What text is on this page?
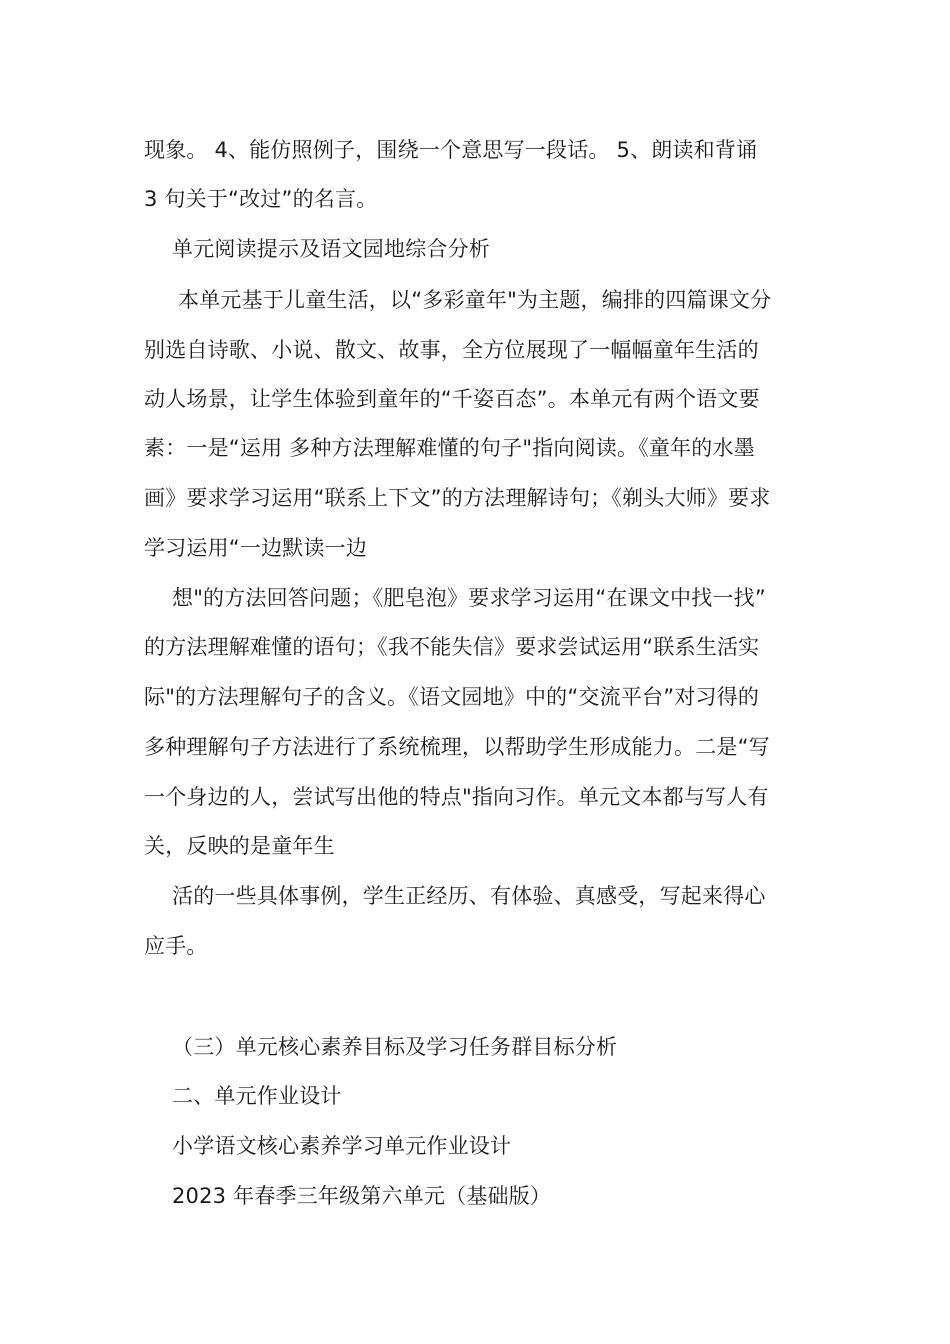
现象。 4、能仿照例子，围绕一个意思写一段话。 5、朗读和背诵
3 句关于“改过”的名言。
单元阅读提示及语文园地综合分析
本单元基于儿童生活，以“多彩童年"为主题，编排的四篇课文分
别选自诗歌、小说、散文、故事，全方位展现了一幅幅童年生活的
动人场景，让学生体验到童年的“千姿百态”。本单元有两个语文要
素：一是“运用 多种方法理解难懂的句子"指向阅读。《童年的水墨
画》要求学习运用“联系上下文”的方法理解诗句；《剃头大师》要求
学习运用“一边默读一边
想"的方法回答问题；《肥皂泡》要求学习运用“在课文中找一找”
的方法理解难懂的语句；《我不能失信》要求尝试运用“联系生活实
际"的方法理解句子的含义。《语文园地》中的“交流平台”对习得的
多种理解句子方法进行了系统梳理，以帮助学生形成能力。二是“写
一个身边的人，尝试写出他的特点"指向习作。单元文本都与写人有
关，反映的是童年生
活的一些具体事例，学生正经历、有体验、真感受，写起来得心
应手。
（三）单元核心素养目标及学习任务群目标分析
二、单元作业设计
小学语文核心素养学习单元作业设计
2023 年春季三年级第六单元（基础版）
